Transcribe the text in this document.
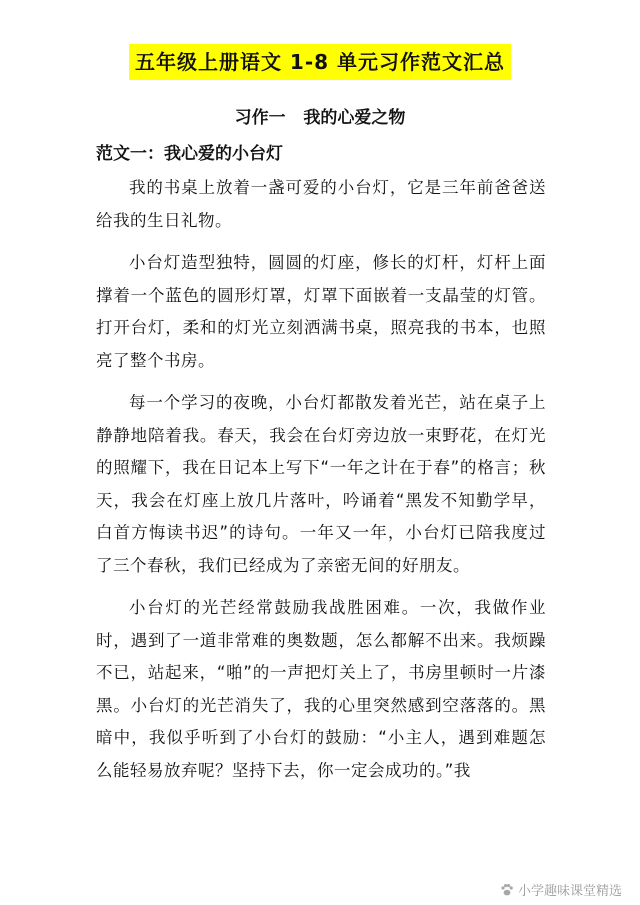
五年级上册语文 1-8 单元习作范文汇总
习作一   我的心爱之物
范文一：我心爱的小台灯

我的书桌上放着一盏可爱的小台灯，它是三年前爸爸送给我的生日礼物。

小台灯造型独特，圆圆的灯座，修长的灯杆，灯杆上面撑着一个蓝色的圆形灯罩，灯罩下面嵌着一支晶莹的灯管。打开台灯，柔和的灯光立刻洒满书桌，照亮我的书本，也照亮了整个书房。

每一个学习的夜晚，小台灯都散发着光芒，站在桌子上静静地陪着我。春天，我会在台灯旁边放一束野花，在灯光的照耀下，我在日记本上写下“一年之计在于春”的格言；秋天，我会在灯座上放几片落叶，吟诵着“黑发不知勤学早，白首方悔读书迟”的诗句。一年又一年，小台灯已陪我度过了三个春秋，我们已经成为了亲密无间的好朋友。

小台灯的光芒经常鼓励我战胜困难。一次，我做作业时，遇到了一道非常难的奥数题，怎么都解不出来。我烦躁不已，站起来，“啪”的一声把灯关上了，书房里顿时一片漆黑。小台灯的光芒消失了，我的心里突然感到空落落的。黑暗中，我似乎听到了小台灯的鼓励：“小主人，遇到难题怎么能轻易放弃呢？坚持下去，你一定会成功的。”我

小学趣味课堂精选
